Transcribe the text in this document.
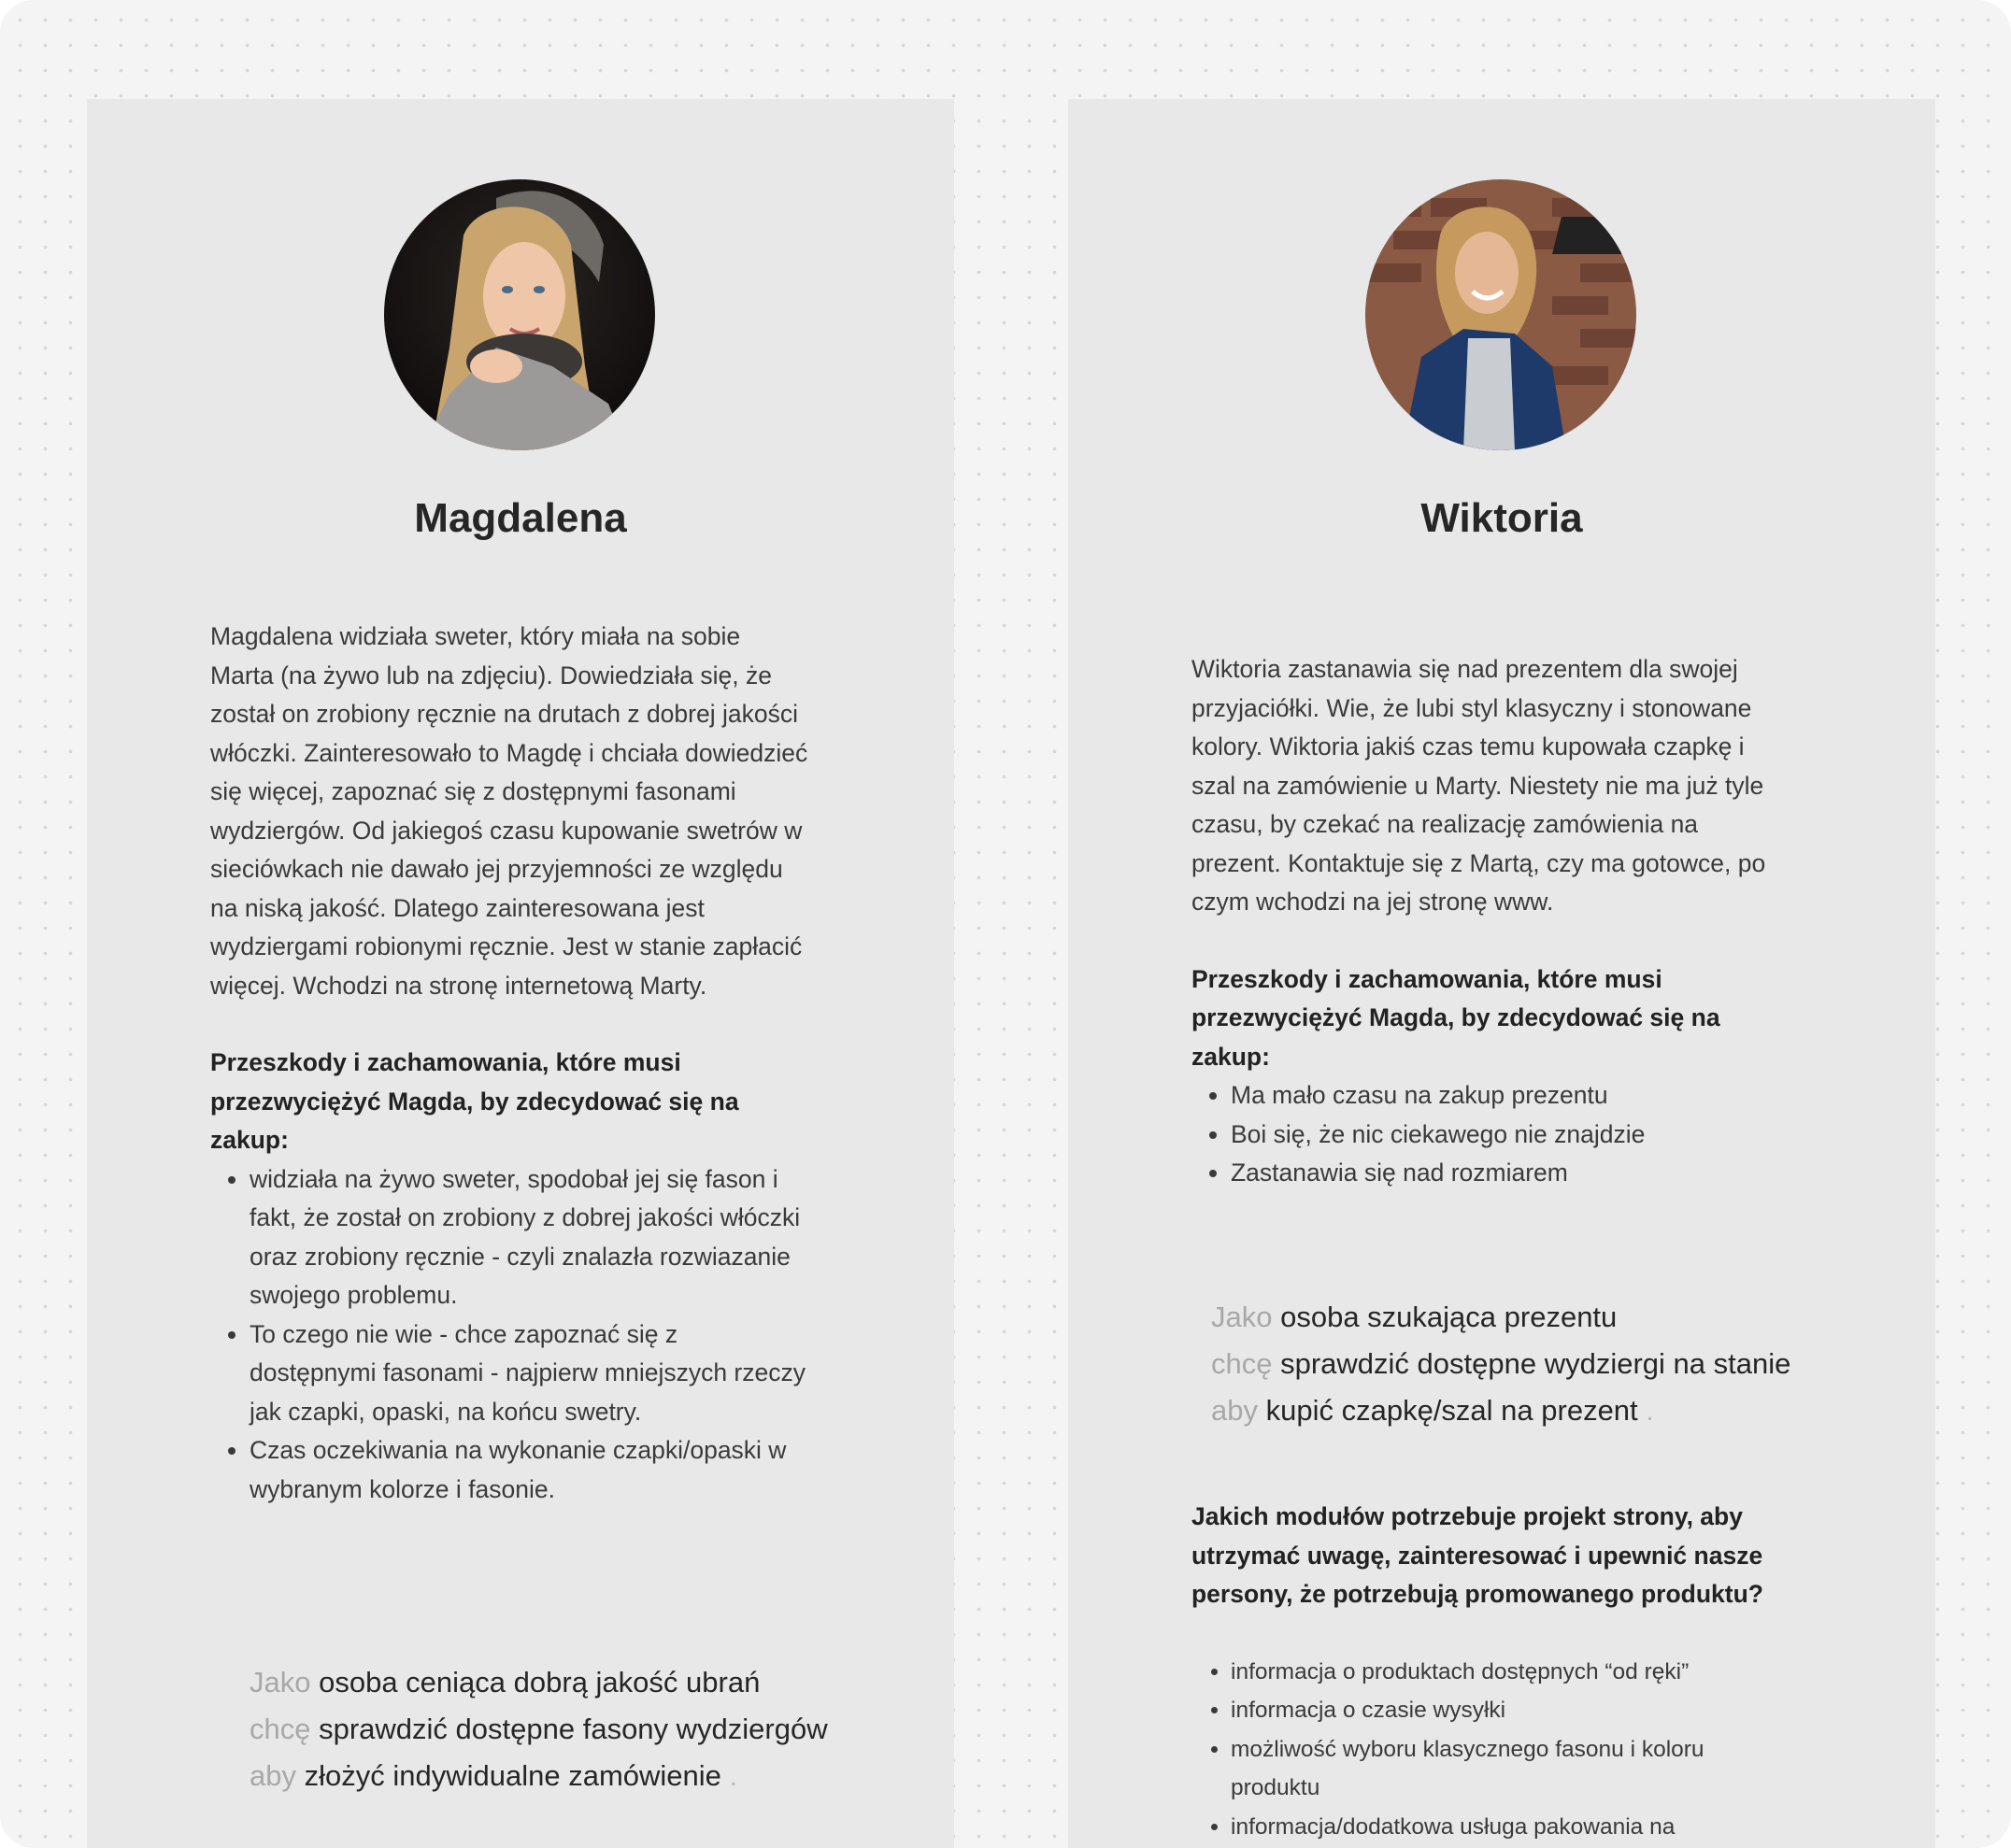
Magdalena

Magdalena widziała sweter, który miała na sobie Marta (na żywo lub na zdjęciu). Dowiedziała się, że został on zrobiony ręcznie na drutach z dobrej jakości włóczki. Zainteresowało to Magdę i chciała dowiedzieć się więcej, zapoznać się z dostępnymi fasonami wydziergów. Od jakiegoś czasu kupowanie swetrów w sieciówkach nie dawało jej przyjemności ze względu na niską jakość. Dlatego zainteresowana jest wydziergami robionymi ręcznie. Jest w stanie zapłacić więcej. Wchodzi na stronę internetową Marty.

Przeszkody i zachamowania, które musi przezwyciężyć Magda, by zdecydować się na zakup:

• widziała na żywo sweter, spodobał jej się fason i fakt, że został on zrobiony z dobrej jakości włóczki oraz zrobiony ręcznie - czyli znalazła rozwiazanie swojego problemu.
• To czego nie wie - chce zapoznać się z dostępnymi fasonami - najpierw mniejszych rzeczy jak czapki, opaski, na końcu swetry.
• Czas oczekiwania na wykonanie czapki/opaski w wybranym kolorze i fasonie.
Jako osoba ceniąca dobrą jakość ubrań
chcę sprawdzić dostępne fasony wydziergów
aby złożyć indywidualne zamówienie .
Wiktoria

Wiktoria zastanawia się nad prezentem dla swojej przyjaciółki. Wie, że lubi styl klasyczny i stonowane kolory. Wiktoria jakiś czas temu kupowała czapkę i szal na zamówienie u Marty. Niestety nie ma już tyle czasu, by czekać na realizację zamówienia na prezent. Kontaktuje się z Martą, czy ma gotowce, po czym wchodzi na jej stronę www.

Przeszkody i zachamowania, które musi przezwyciężyć Magda, by zdecydować się na zakup:

• Ma mało czasu na zakup prezentu
• Boi się, że nic ciekawego nie znajdzie
• Zastanawia się nad rozmiarem
Jako osoba szukająca prezentu
chcę sprawdzić dostępne wydziergi na stanie
aby kupić czapkę/szal na prezent .

Jakich modułów potrzebuje projekt strony, aby utrzymać uwagę, zainteresować i upewnić nasze persony, że potrzebują promowanego produktu?

• informacja o produktach dostępnych “od ręki”
• informacja o czasie wysyłki
• możliwość wyboru klasycznego fasonu i koloru produktu
• informacja/dodatkowa usługa pakowania na
